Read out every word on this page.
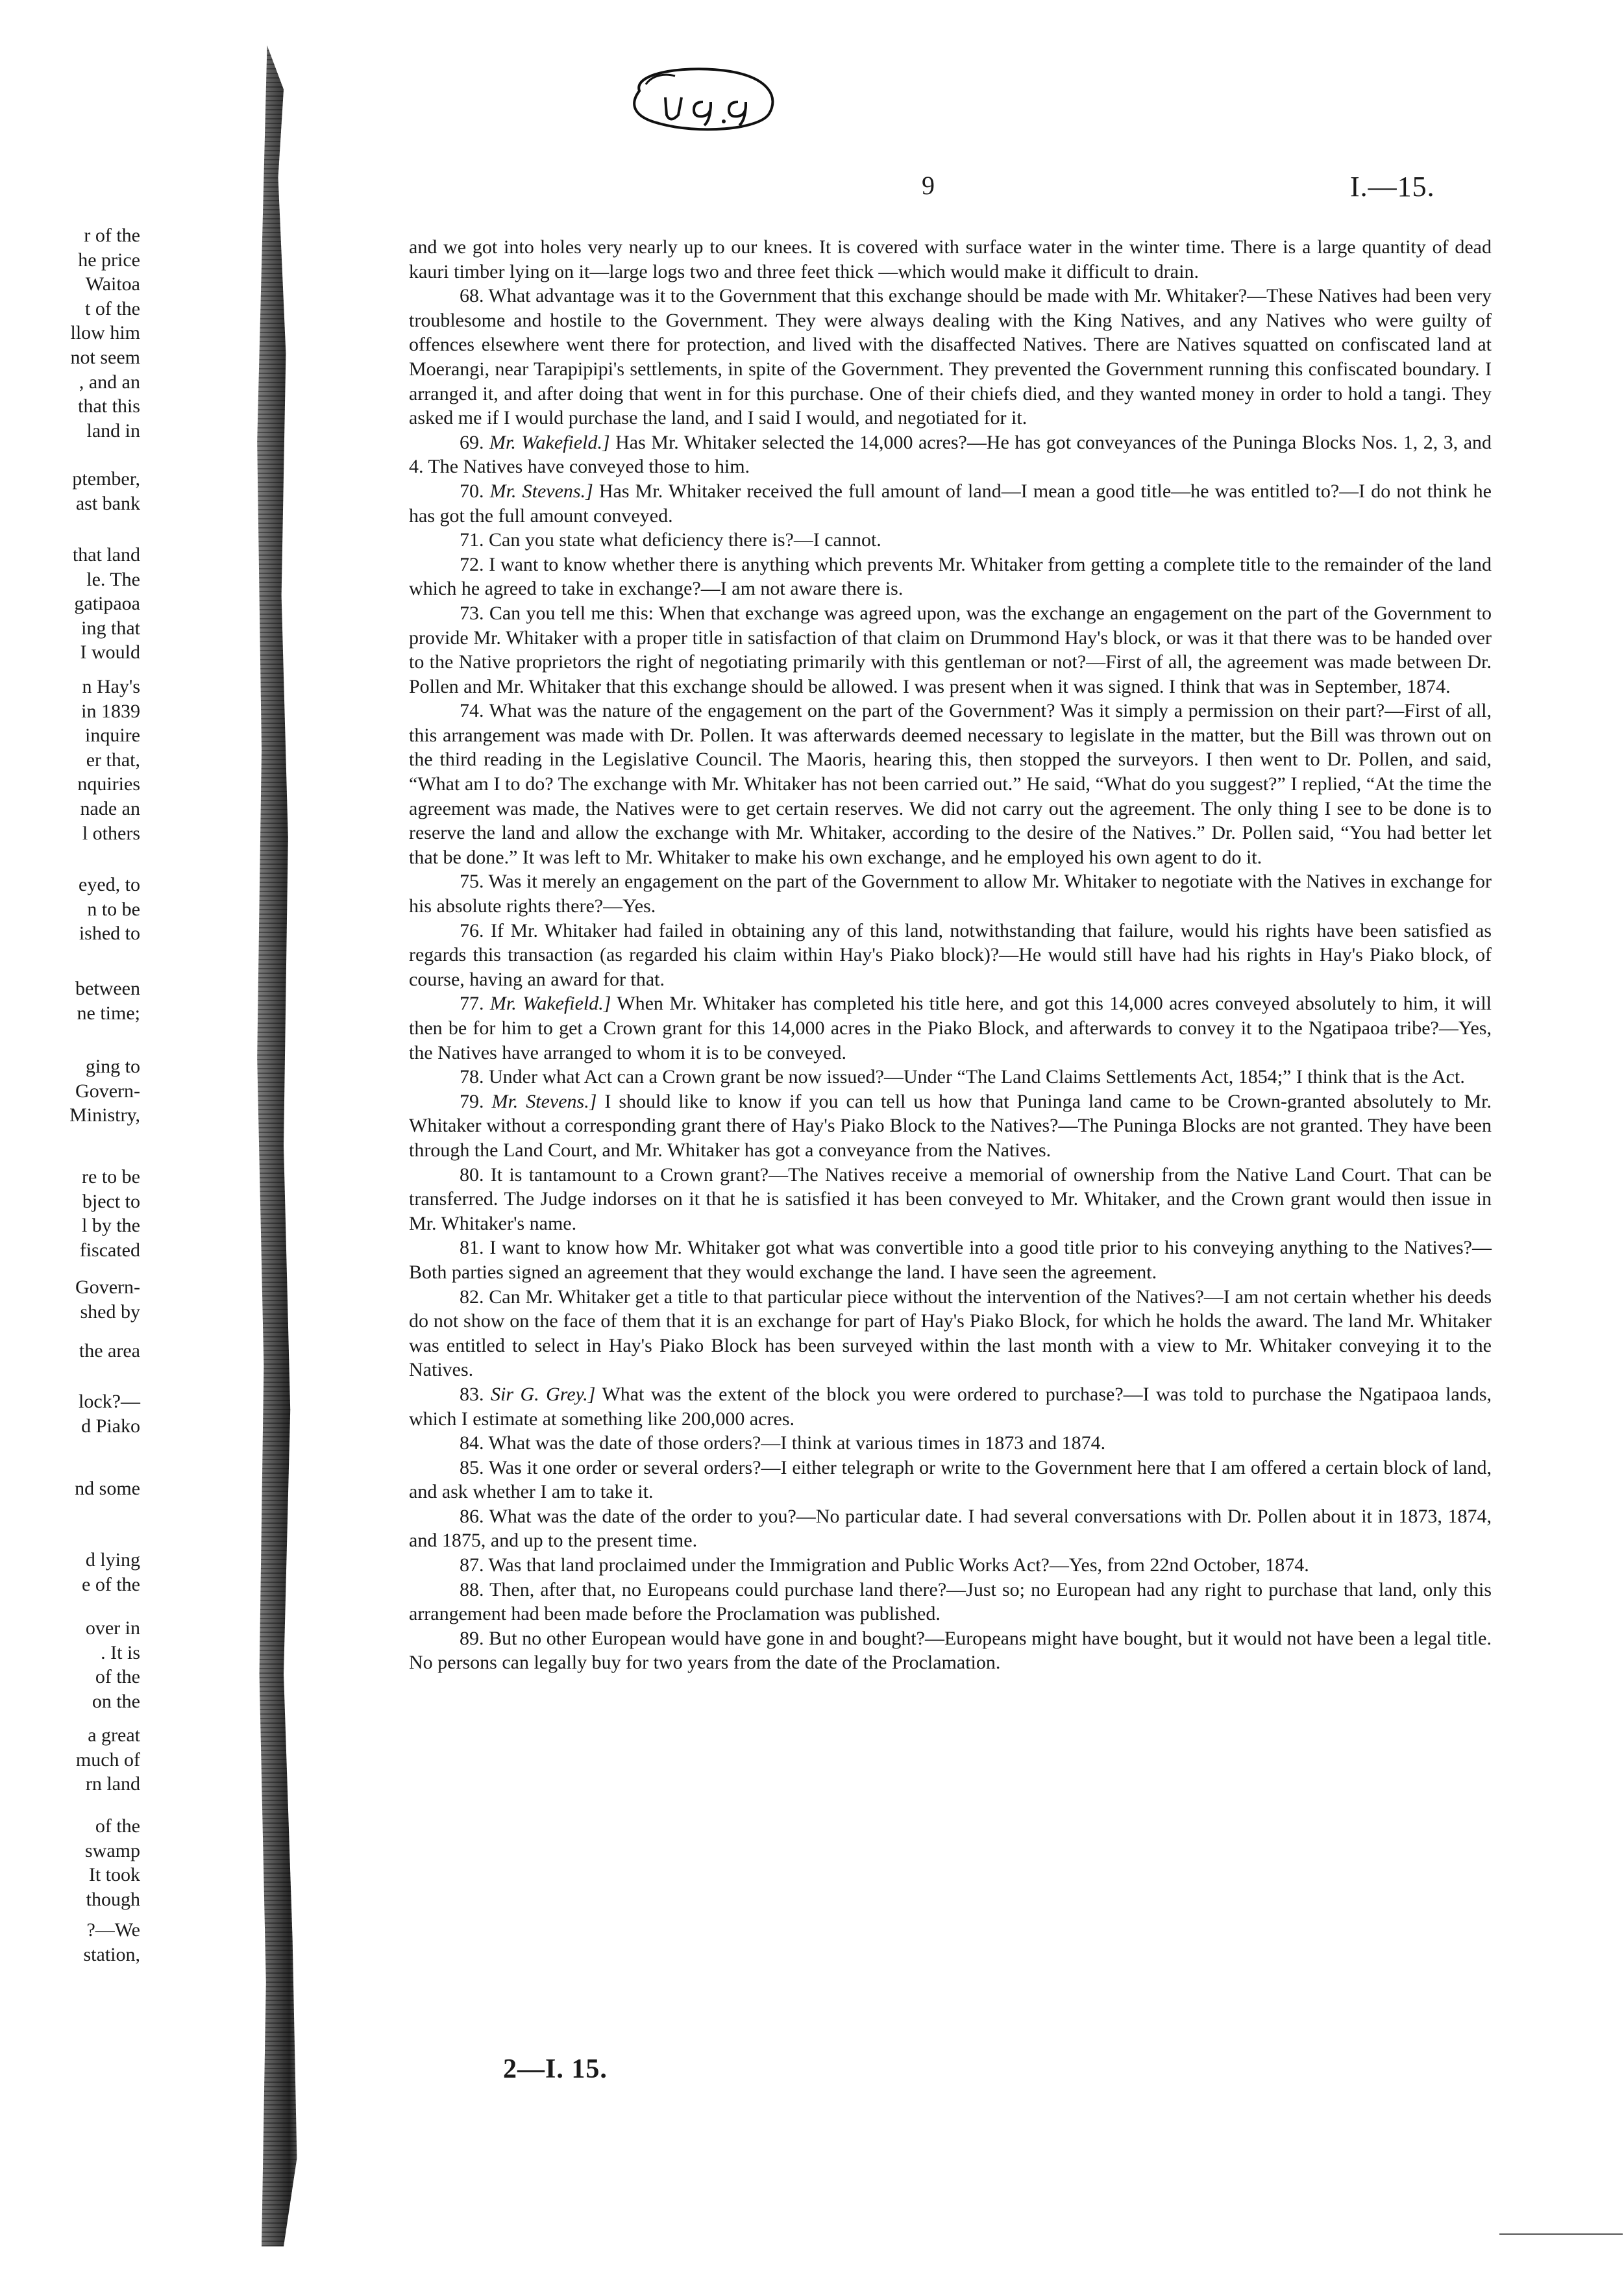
9	I.—15.
r of the
he price
Waitoa
t of the
llow him
not seem
, and an
that this
land in
ptember,
ast bank
that land
le. The
gatipaoa
ing that
I would
n Hay's
in 1839
inquire
er that,
nquiries
nade an
l others
eyed, to
n to be
ished to
between
ne time;
ging to
Govern-
Ministry,
re to be
bject to
l by the
fiscated
Govern-
shed by
the area
lock?—
d Piako
nd some
d lying
e of the
over in
. It is
of the
on the
a great
much of
rn land
of the
swamp
It took
though
?—We
station,

and we got into holes very nearly up to our knees. It is covered with surface water in the winter time. There is a large quantity of dead kauri timber lying on it—large logs two and three feet thick —which would make it difficult to drain.

68. What advantage was it to the Government that this exchange should be made with Mr. Whitaker?—These Natives had been very troublesome and hostile to the Government. They were always dealing with the King Natives, and any Natives who were guilty of offences elsewhere went there for protection, and lived with the disaffected Natives. There are Natives squatted on confiscated land at Moerangi, near Tarapipipi's settlements, in spite of the Government. They prevented the Government running this confiscated boundary. I arranged it, and after doing that went in for this purchase. One of their chiefs died, and they wanted money in order to hold a tangi. They asked me if I would purchase the land, and I said I would, and negotiated for it.

69. Mr. Wakefield.] Has Mr. Whitaker selected the 14,000 acres?—He has got conveyances of the Puninga Blocks Nos. 1, 2, 3, and 4. The Natives have conveyed those to him.

70. Mr. Stevens.] Has Mr. Whitaker received the full amount of land—I mean a good title—he was entitled to?—I do not think he has got the full amount conveyed.

71. Can you state what deficiency there is?—I cannot.

72. I want to know whether there is anything which prevents Mr. Whitaker from getting a complete title to the remainder of the land which he agreed to take in exchange?—I am not aware there is.

73. Can you tell me this: When that exchange was agreed upon, was the exchange an engagement on the part of the Government to provide Mr. Whitaker with a proper title in satisfaction of that claim on Drummond Hay's block, or was it that there was to be handed over to the Native proprietors the right of negotiating primarily with this gentleman or not?—First of all, the agreement was made between Dr. Pollen and Mr. Whitaker that this exchange should be allowed. I was present when it was signed. I think that was in September, 1874.

74. What was the nature of the engagement on the part of the Government? Was it simply a permission on their part?—First of all, this arrangement was made with Dr. Pollen. It was afterwards deemed necessary to legislate in the matter, but the Bill was thrown out on the third reading in the Legislative Council. The Maoris, hearing this, then stopped the surveyors. I then went to Dr. Pollen, and said, “What am I to do? The exchange with Mr. Whitaker has not been carried out.” He said, “What do you suggest?” I replied, “At the time the agreement was made, the Natives were to get certain reserves. We did not carry out the agreement. The only thing I see to be done is to reserve the land and allow the exchange with Mr. Whitaker, according to the desire of the Natives.” Dr. Pollen said, “You had better let that be done.” It was left to Mr. Whitaker to make his own exchange, and he employed his own agent to do it.

75. Was it merely an engagement on the part of the Government to allow Mr. Whitaker to negotiate with the Natives in exchange for his absolute rights there?—Yes.

76. If Mr. Whitaker had failed in obtaining any of this land, notwithstanding that failure, would his rights have been satisfied as regards this transaction (as regarded his claim within Hay's Piako block)?—He would still have had his rights in Hay's Piako block, of course, having an award for that.

77. Mr. Wakefield.] When Mr. Whitaker has completed his title here, and got this 14,000 acres conveyed absolutely to him, it will then be for him to get a Crown grant for this 14,000 acres in the Piako Block, and afterwards to convey it to the Ngatipaoa tribe?—Yes, the Natives have arranged to whom it is to be conveyed.

78. Under what Act can a Crown grant be now issued?—Under “The Land Claims Settlements Act, 1854;” I think that is the Act.

79. Mr. Stevens.] I should like to know if you can tell us how that Puninga land came to be Crown-granted absolutely to Mr. Whitaker without a corresponding grant there of Hay's Piako Block to the Natives?—The Puninga Blocks are not granted. They have been through the Land Court, and Mr. Whitaker has got a conveyance from the Natives.

80. It is tantamount to a Crown grant?—The Natives receive a memorial of ownership from the Native Land Court. That can be transferred. The Judge indorses on it that he is satisfied it has been conveyed to Mr. Whitaker, and the Crown grant would then issue in Mr. Whitaker's name.

81. I want to know how Mr. Whitaker got what was convertible into a good title prior to his conveying anything to the Natives?—Both parties signed an agreement that they would exchange the land. I have seen the agreement.

82. Can Mr. Whitaker get a title to that particular piece without the intervention of the Natives?—I am not certain whether his deeds do not show on the face of them that it is an exchange for part of Hay's Piako Block, for which he holds the award. The land Mr. Whitaker was entitled to select in Hay's Piako Block has been surveyed within the last month with a view to Mr. Whitaker conveying it to the Natives.

83. Sir G. Grey.] What was the extent of the block you were ordered to purchase?—I was told to purchase the Ngatipaoa lands, which I estimate at something like 200,000 acres.

84. What was the date of those orders?—I think at various times in 1873 and 1874.

85. Was it one order or several orders?—I either telegraph or write to the Government here that I am offered a certain block of land, and ask whether I am to take it.

86. What was the date of the order to you?—No particular date. I had several conversations with Dr. Pollen about it in 1873, 1874, and 1875, and up to the present time.

87. Was that land proclaimed under the Immigration and Public Works Act?—Yes, from 22nd October, 1874.

88. Then, after that, no Europeans could purchase land there?—Just so; no European had any right to purchase that land, only this arrangement had been made before the Proclamation was published.

89. But no other European would have gone in and bought?—Europeans might have bought, but it would not have been a legal title. No persons can legally buy for two years from the date of the Proclamation.

2—I. 15.
